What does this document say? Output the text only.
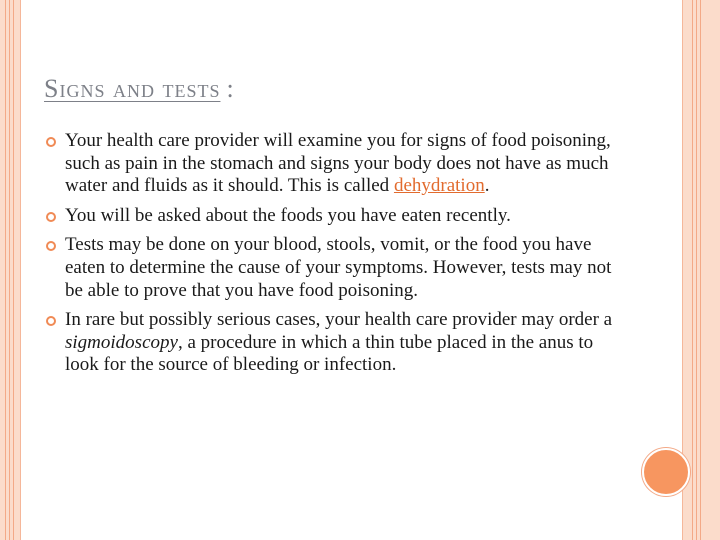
Signs and tests :
Your health care provider will examine you for signs of food poisoning, such as pain in the stomach and signs your body does not have as much water and fluids as it should. This is called dehydration.
You will be asked about the foods you have eaten recently.
Tests may be done on your blood, stools, vomit, or the food you have eaten to determine the cause of your symptoms. However, tests may not be able to prove that you have food poisoning.
In rare but possibly serious cases, your health care provider may order a sigmoidoscopy, a procedure in which a thin tube placed in the anus to look for the source of bleeding or infection.
